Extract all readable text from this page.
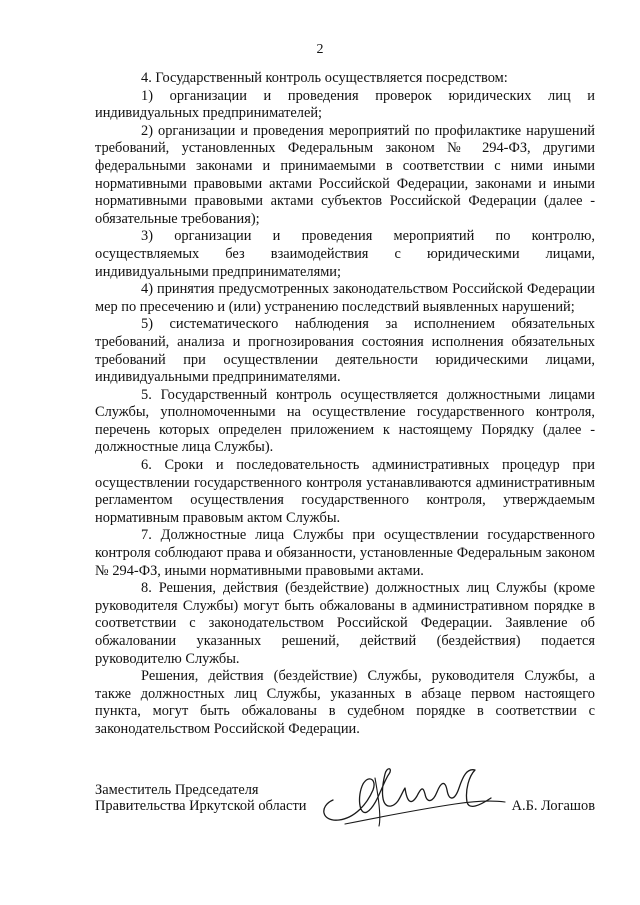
2

4. Государственный контроль осуществляется посредством:

1) организации и проведения проверок юридических лиц и индивидуальных предпринимателей;

2) организации и проведения мероприятий по профилактике нарушений требований, установленных Федеральным законом № 294-ФЗ, другими федеральными законами и принимаемыми в соответствии с ними иными нормативными правовыми актами Российской Федерации, законами и иными нормативными правовыми актами субъектов Российской Федерации (далее - обязательные требования);

3) организации и проведения мероприятий по контролю, осуществляемых без взаимодействия с юридическими лицами, индивидуальными предпринимателями;

4) принятия предусмотренных законодательством Российской Федерации мер по пресечению и (или) устранению последствий выявленных нарушений;

5) систематического наблюдения за исполнением обязательных требований, анализа и прогнозирования состояния исполнения обязательных требований при осуществлении деятельности юридическими лицами, индивидуальными предпринимателями.

5. Государственный контроль осуществляется должностными лицами Службы, уполномоченными на осуществление государственного контроля, перечень которых определен приложением к настоящему Порядку (далее - должностные лица Службы).

6. Сроки и последовательность административных процедур при осуществлении государственного контроля устанавливаются административным регламентом осуществления государственного контроля, утверждаемым нормативным правовым актом Службы.

7. Должностные лица Службы при осуществлении государственного контроля соблюдают права и обязанности, установленные Федеральным законом № 294-ФЗ, иными нормативными правовыми актами.

8. Решения, действия (бездействие) должностных лиц Службы (кроме руководителя Службы) могут быть обжалованы в административном порядке в соответствии с законодательством Российской Федерации. Заявление об обжаловании указанных решений, действий (бездействия) подается руководителю Службы.

Решения, действия (бездействие) Службы, руководителя Службы, а также должностных лиц Службы, указанных в абзаце первом настоящего пункта, могут быть обжалованы в судебном порядке в соответствии с законодательством Российской Федерации.

Заместитель Председателя
Правительства Иркутской области	А.Б. Логашов
